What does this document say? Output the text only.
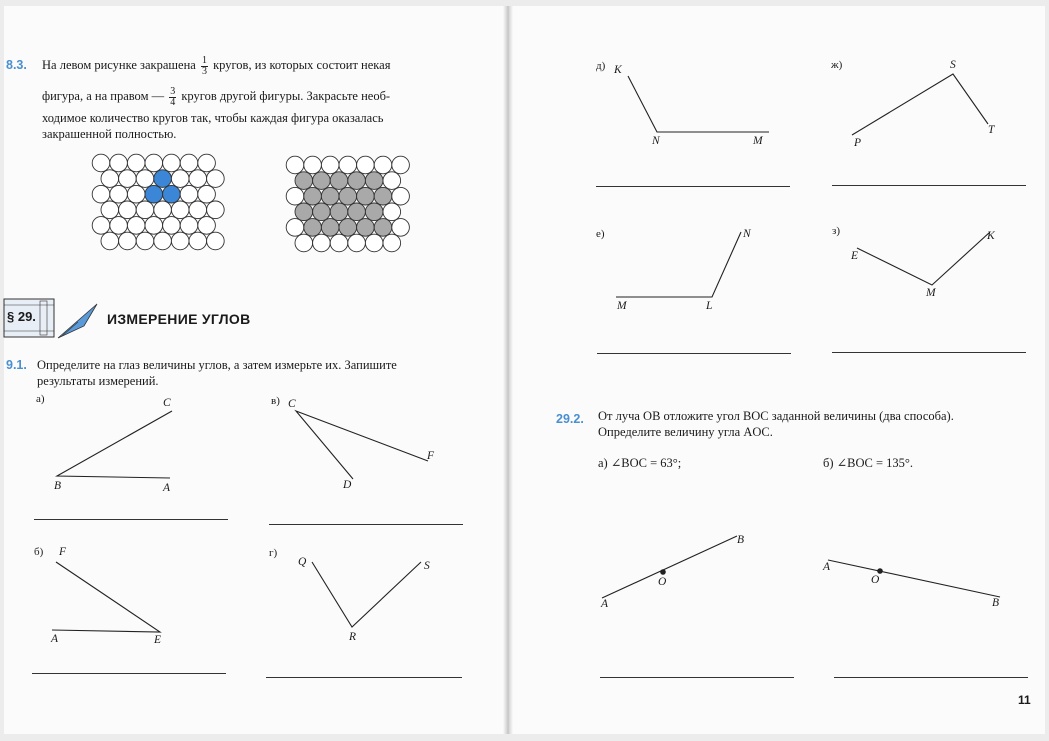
8.3. На левом рисунке закрашена $\frac{1}{3}$ кругов, из которых состоит некая
фигура, а на правом — $\frac{3}{4}$ кругов другой фигуры. Закрасьте необ-
ходимое количество кругов так, чтобы каждая фигура оказалась
закрашенной полностью.
§ 29.	ИЗМЕРЕНИЕ УГЛОВ
9.1. Определите на глаз величины углов, а затем измерьте их. Запишите
результаты измерений.
а)	C
B	A
в) C
D
F
б) F
A	E
г)
Q
R
S
д) K
N	M
ж)	S
P
T
е)	N
M	L
з)	K
E
M
29.2. От луча OB отложите угол BOC заданной величины (два способа).
Определите величину угла AOC.
а) ∠BOC = 63°;	б) ∠BOC = 135°.
B
O
A
A
O
B
11
